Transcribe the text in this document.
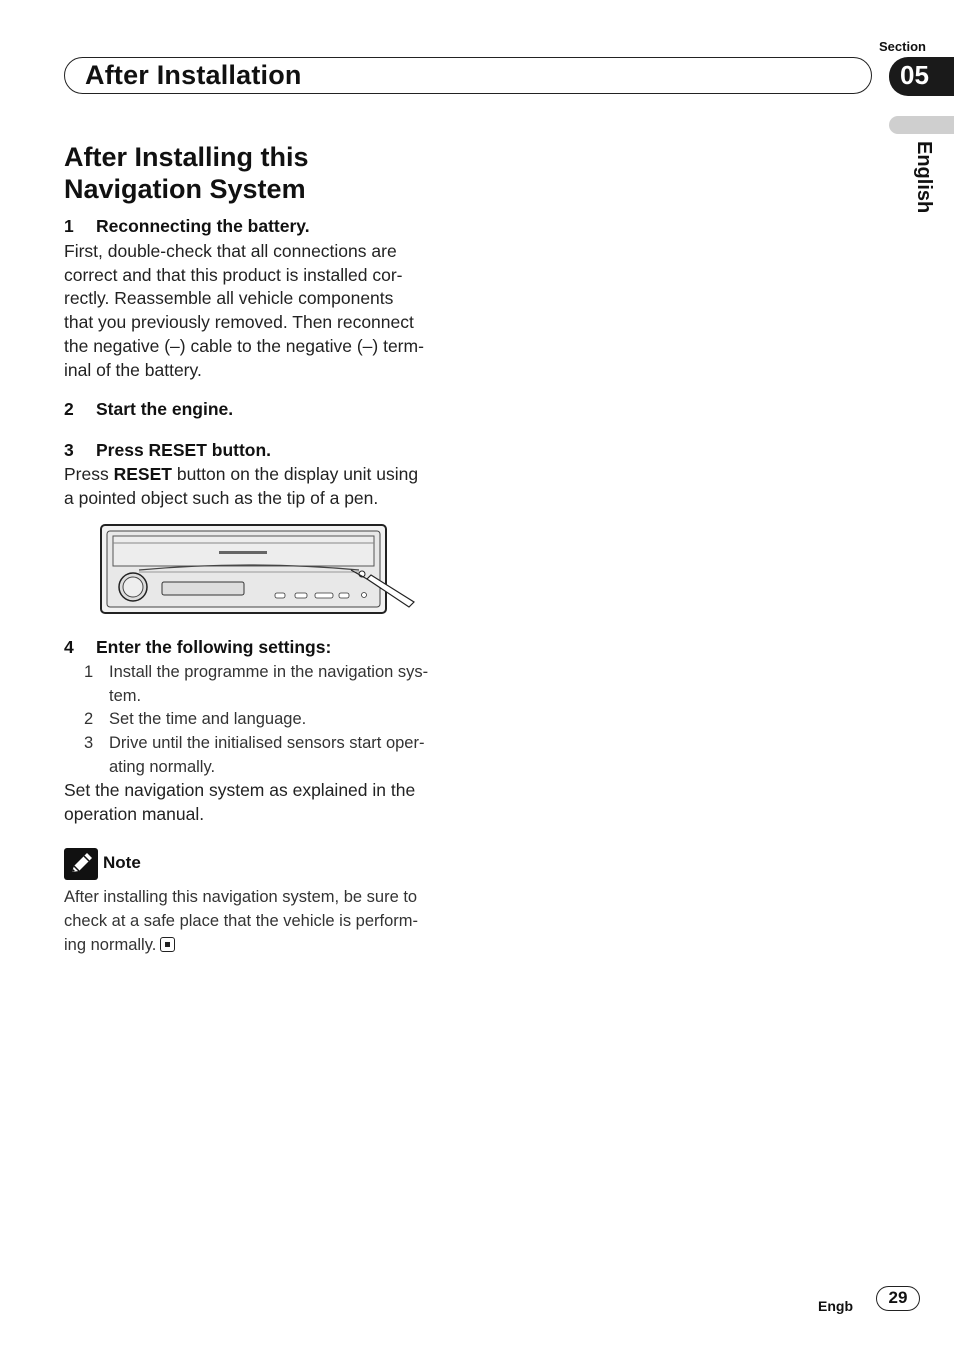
Section
After Installation	05
English
After Installing this
Navigation System
1 Reconnecting the battery.
First, double-check that all connections are
correct and that this product is installed cor-
rectly. Reassemble all vehicle components
that you previously removed. Then reconnect
the negative (–) cable to the negative (–) term-
inal of the battery.
2 Start the engine.
3 Press RESET button.
Press RESET button on the display unit using
a pointed object such as the tip of a pen.
4 Enter the following settings:
1 Install the programme in the navigation sys-
tem.
2 Set the time and language.
3 Drive until the initialised sensors start oper-
ating normally.
Set the navigation system as explained in the
operation manual.
Note
After installing this navigation system, be sure to
check at a safe place that the vehicle is perform-
ing normally.
Engb	29
